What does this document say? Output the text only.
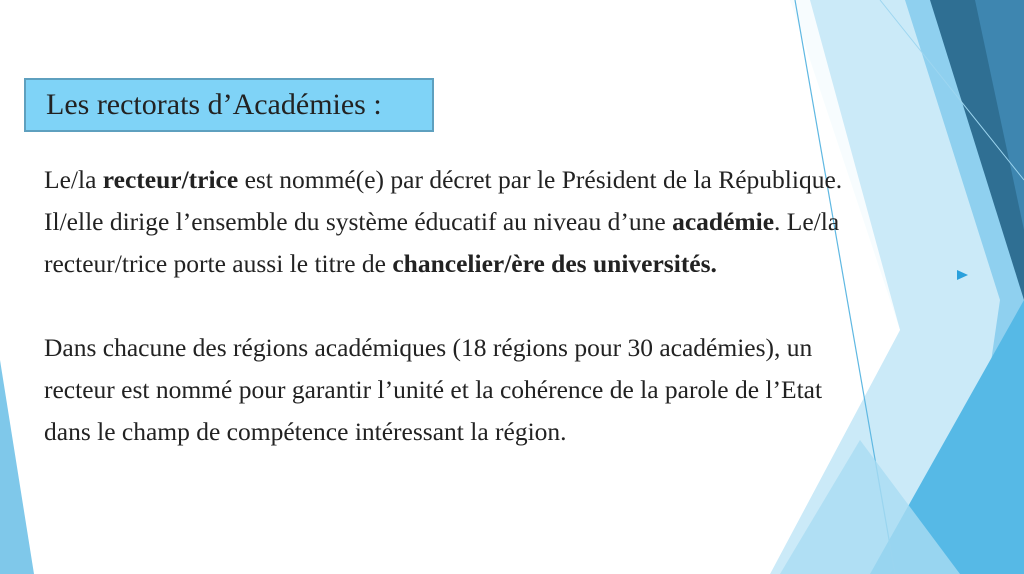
Les rectorats d’Académies :
Le/la recteur/trice est nommé(e) par décret par le Président de la République.
Il/elle dirige l’ensemble du système éducatif au niveau d’une académie. Le/la
recteur/trice porte aussi le titre de chancelier/ère des universités.
Dans chacune des régions académiques (18 régions pour 30 académies), un
recteur est nommé pour garantir l’unité et la cohérence de la parole de l’Etat
dans le champ de compétence intéressant la région.
